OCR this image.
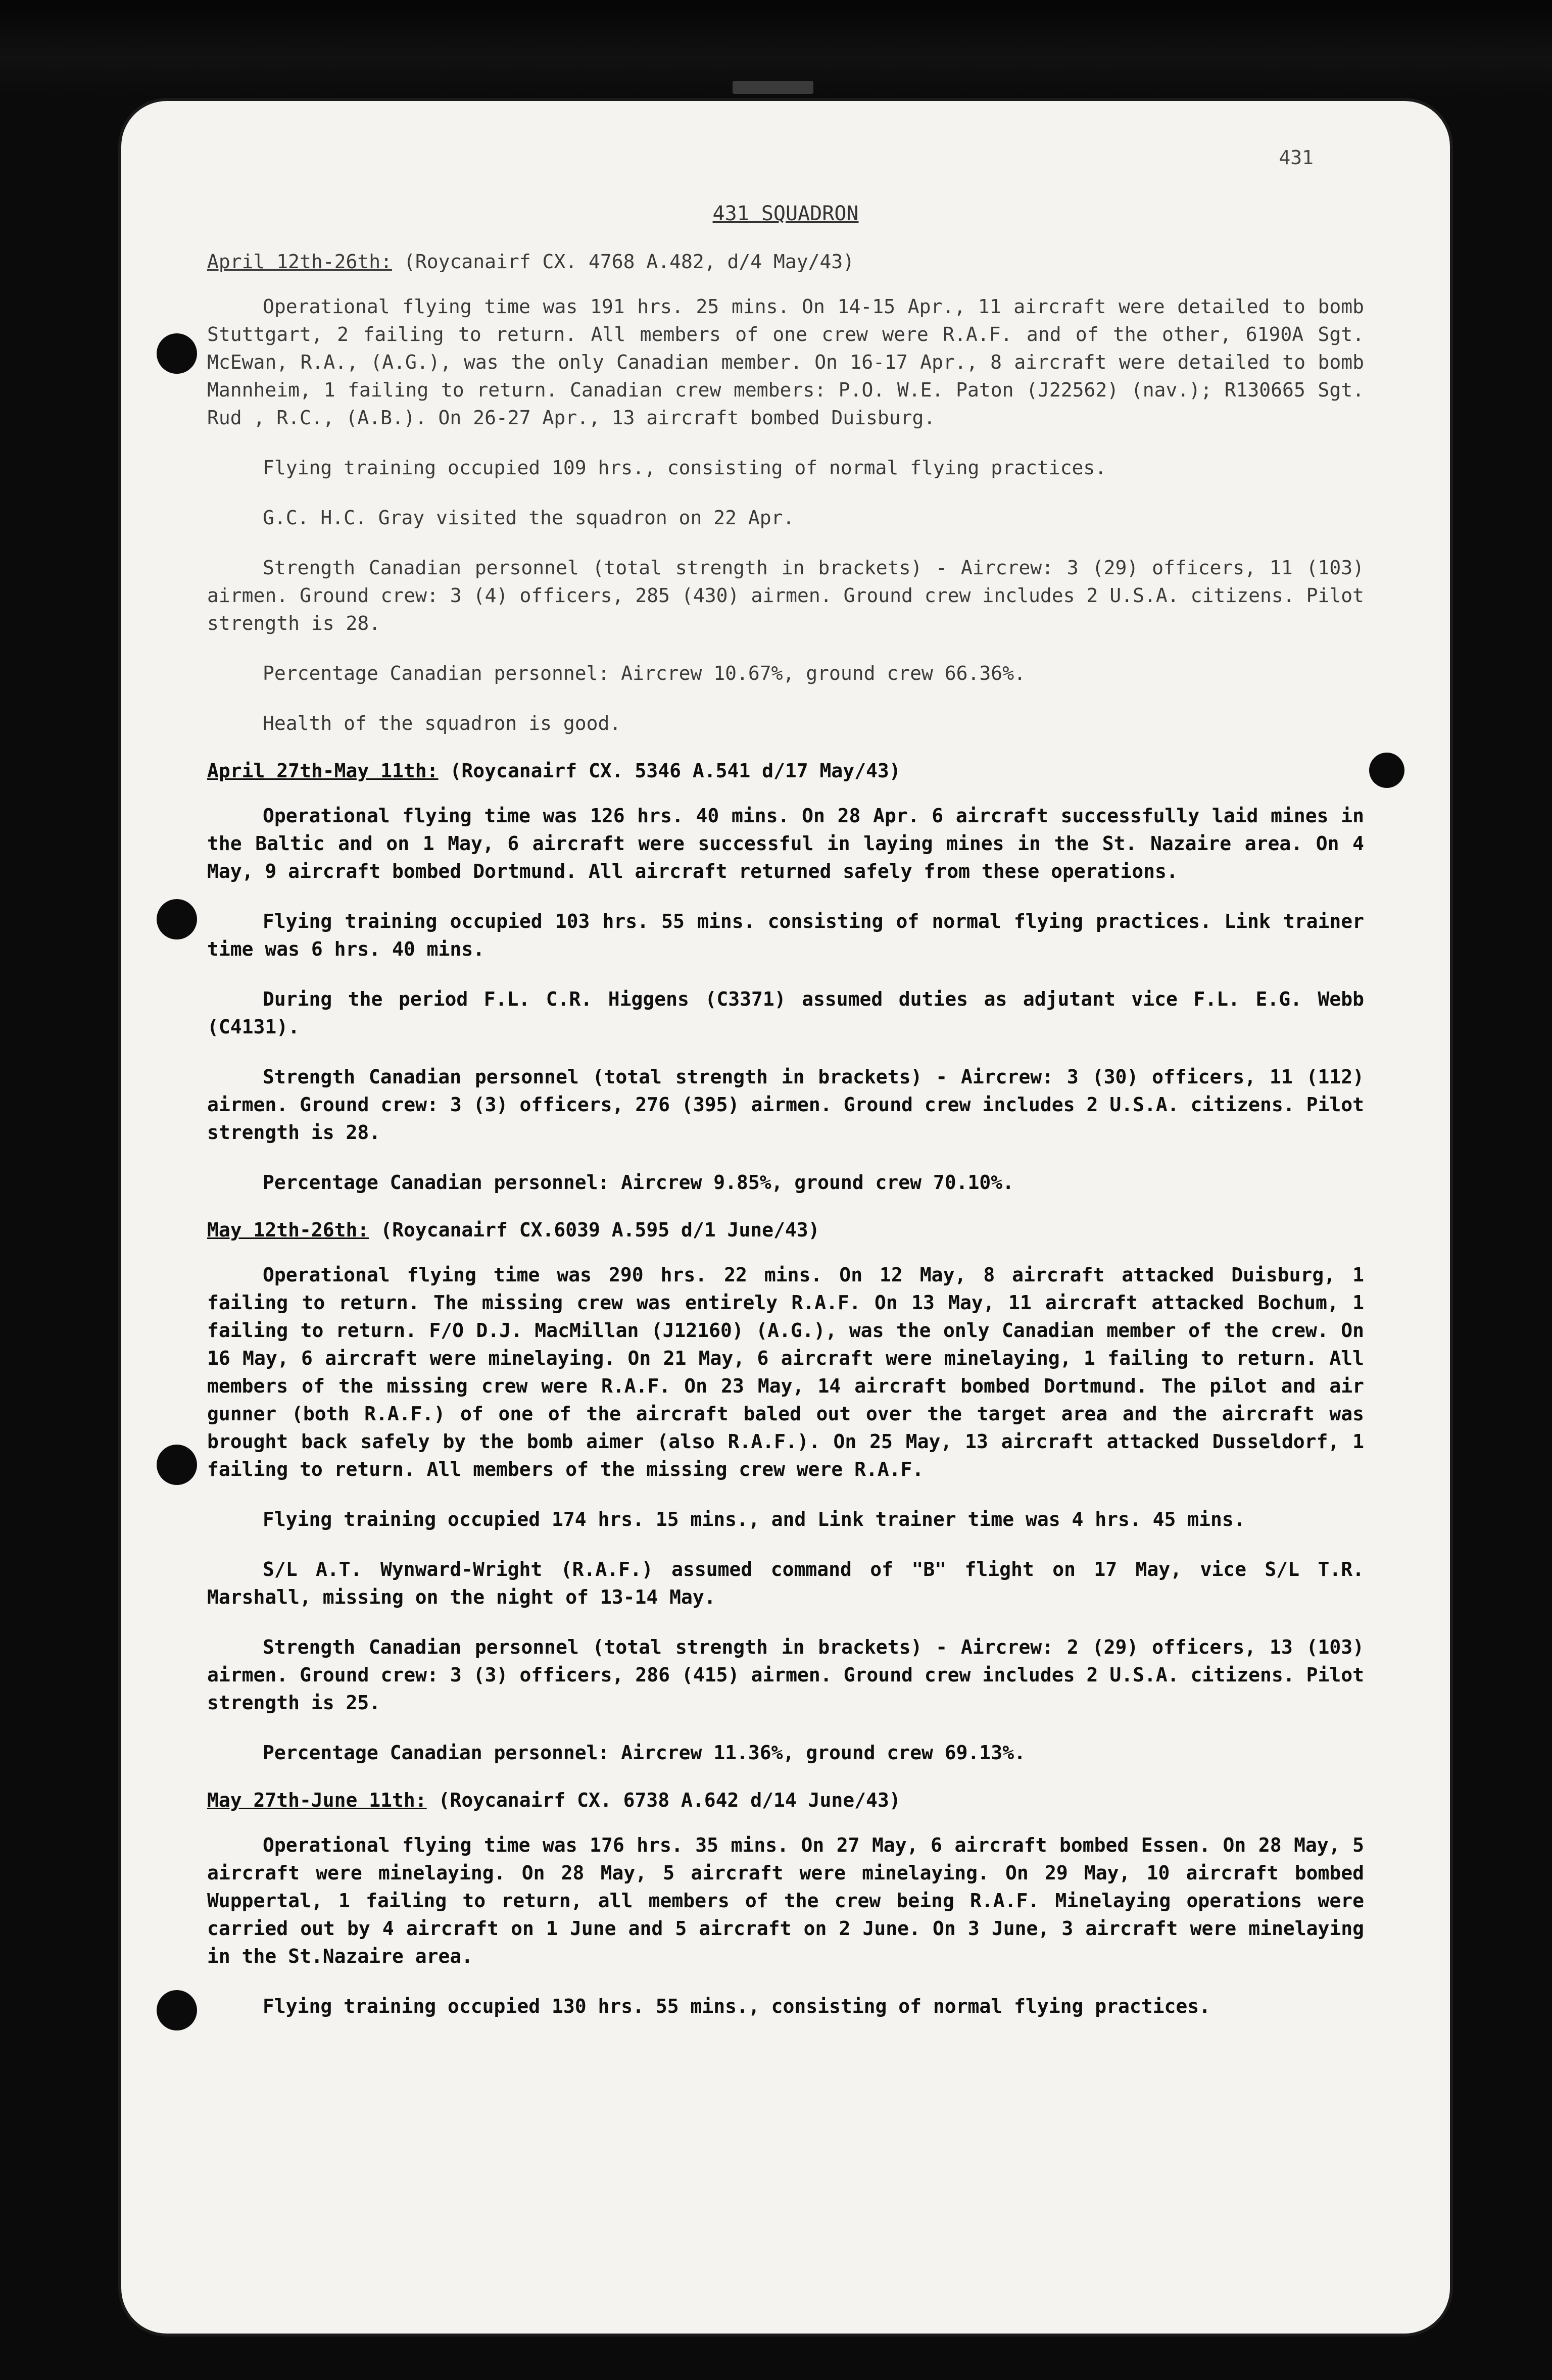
431
431 SQUADRON
April 12th-26th: (Roycanairf CX. 4768 A.482, d/4 May/43)

Operational flying time was 191 hrs. 25 mins. On 14-15 Apr., 11 aircraft were detailed to bomb Stuttgart, 2 failing to return. All members of one crew were R.A.F. and of the other, 6190A Sgt. McEwan, R.A., (A.G.), was the only Canadian member. On 16-17 Apr., 8 aircraft were detailed to bomb Mannheim, 1 failing to return. Canadian crew members: P.O. W.E. Paton (J22562) (nav.); R130665 Sgt. Rud , R.C., (A.B.). On 26-27 Apr., 13 aircraft bombed Duisburg.

Flying training occupied 109 hrs., consisting of normal flying practices.

G.C. H.C. Gray visited the squadron on 22 Apr.

Strength Canadian personnel (total strength in brackets) - Aircrew: 3 (29) officers, 11 (103) airmen. Ground crew: 3 (4) officers, 285 (430) airmen. Ground crew includes 2 U.S.A. citizens. Pilot strength is 28.

Percentage Canadian personnel: Aircrew 10.67%, ground crew 66.36%.

Health of the squadron is good.

April 27th-May 11th: (Roycanairf CX. 5346 A.541 d/17 May/43)

Operational flying time was 126 hrs. 40 mins. On 28 Apr. 6 aircraft successfully laid mines in the Baltic and on 1 May, 6 aircraft were successful in laying mines in the St. Nazaire area. On 4 May, 9 aircraft bombed Dortmund. All aircraft returned safely from these operations.

Flying training occupied 103 hrs. 55 mins. consisting of normal flying practices. Link trainer time was 6 hrs. 40 mins.

During the period F.L. C.R. Higgens (C3371) assumed duties as adjutant vice F.L. E.G. Webb (C4131).

Strength Canadian personnel (total strength in brackets) - Aircrew: 3 (30) officers, 11 (112) airmen. Ground crew: 3 (3) officers, 276 (395) airmen. Ground crew includes 2 U.S.A. citizens. Pilot strength is 28.

Percentage Canadian personnel: Aircrew 9.85%, ground crew 70.10%.

May 12th-26th: (Roycanairf CX.6039 A.595 d/1 June/43)

Operational flying time was 290 hrs. 22 mins. On 12 May, 8 aircraft attacked Duisburg, 1 failing to return. The missing crew was entirely R.A.F. On 13 May, 11 aircraft attacked Bochum, 1 failing to return. F/O D.J. MacMillan (J12160) (A.G.), was the only Canadian member of the crew. On 16 May, 6 aircraft were minelaying. On 21 May, 6 aircraft were minelaying, 1 failing to return. All members of the missing crew were R.A.F. On 23 May, 14 aircraft bombed Dortmund. The pilot and air gunner (both R.A.F.) of one of the aircraft baled out over the target area and the aircraft was brought back safely by the bomb aimer (also R.A.F.). On 25 May, 13 aircraft attacked Dusseldorf, 1 failing to return. All members of the missing crew were R.A.F.

Flying training occupied 174 hrs. 15 mins., and Link trainer time was 4 hrs. 45 mins.

S/L A.T. Wynward-Wright (R.A.F.) assumed command of "B" flight on 17 May, vice S/L T.R. Marshall, missing on the night of 13-14 May.

Strength Canadian personnel (total strength in brackets) - Aircrew: 2 (29) officers, 13 (103) airmen. Ground crew: 3 (3) officers, 286 (415) airmen. Ground crew includes 2 U.S.A. citizens. Pilot strength is 25.

Percentage Canadian personnel: Aircrew 11.36%, ground crew 69.13%.

May 27th-June 11th: (Roycanairf CX. 6738 A.642 d/14 June/43)

Operational flying time was 176 hrs. 35 mins. On 27 May, 6 aircraft bombed Essen. On 28 May, 5 aircraft were minelaying. On 28 May, 5 aircraft were minelaying. On 29 May, 10 aircraft bombed Wuppertal, 1 failing to return, all members of the crew being R.A.F. Minelaying operations were carried out by 4 aircraft on 1 June and 5 aircraft on 2 June. On 3 June, 3 aircraft were minelaying in the St.Nazaire area.

Flying training occupied 130 hrs. 55 mins., consisting of normal flying practices.
